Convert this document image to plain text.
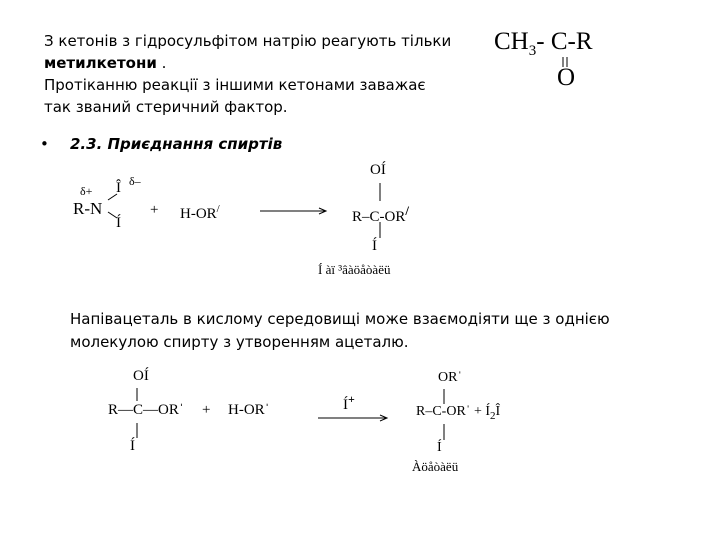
З кетонів з гідросульфітом натрію реагують тільки
метилкетони .
Протіканню реакції з іншими кетонами заважає
так званий стеричний фактор.
$CH_3-$ C-R
O
• 2.3. Приєднання спиртів
δ+
δ–
Î
R-N
Í
+ H-OR/
OÍ
R–C-OR/
Í
Í àï ³âàöåòàëü
Напівацеталь в кислому середовищі може взаємодіяти ще з однією
молекулою спирту з утворенням ацеталю.
OÍ
R—C—ORˈ + H-ORˈ
Í
Í+
ORˈ
R–C-ORˈ + $Í_2Î$
Í
Àöåòàëü
